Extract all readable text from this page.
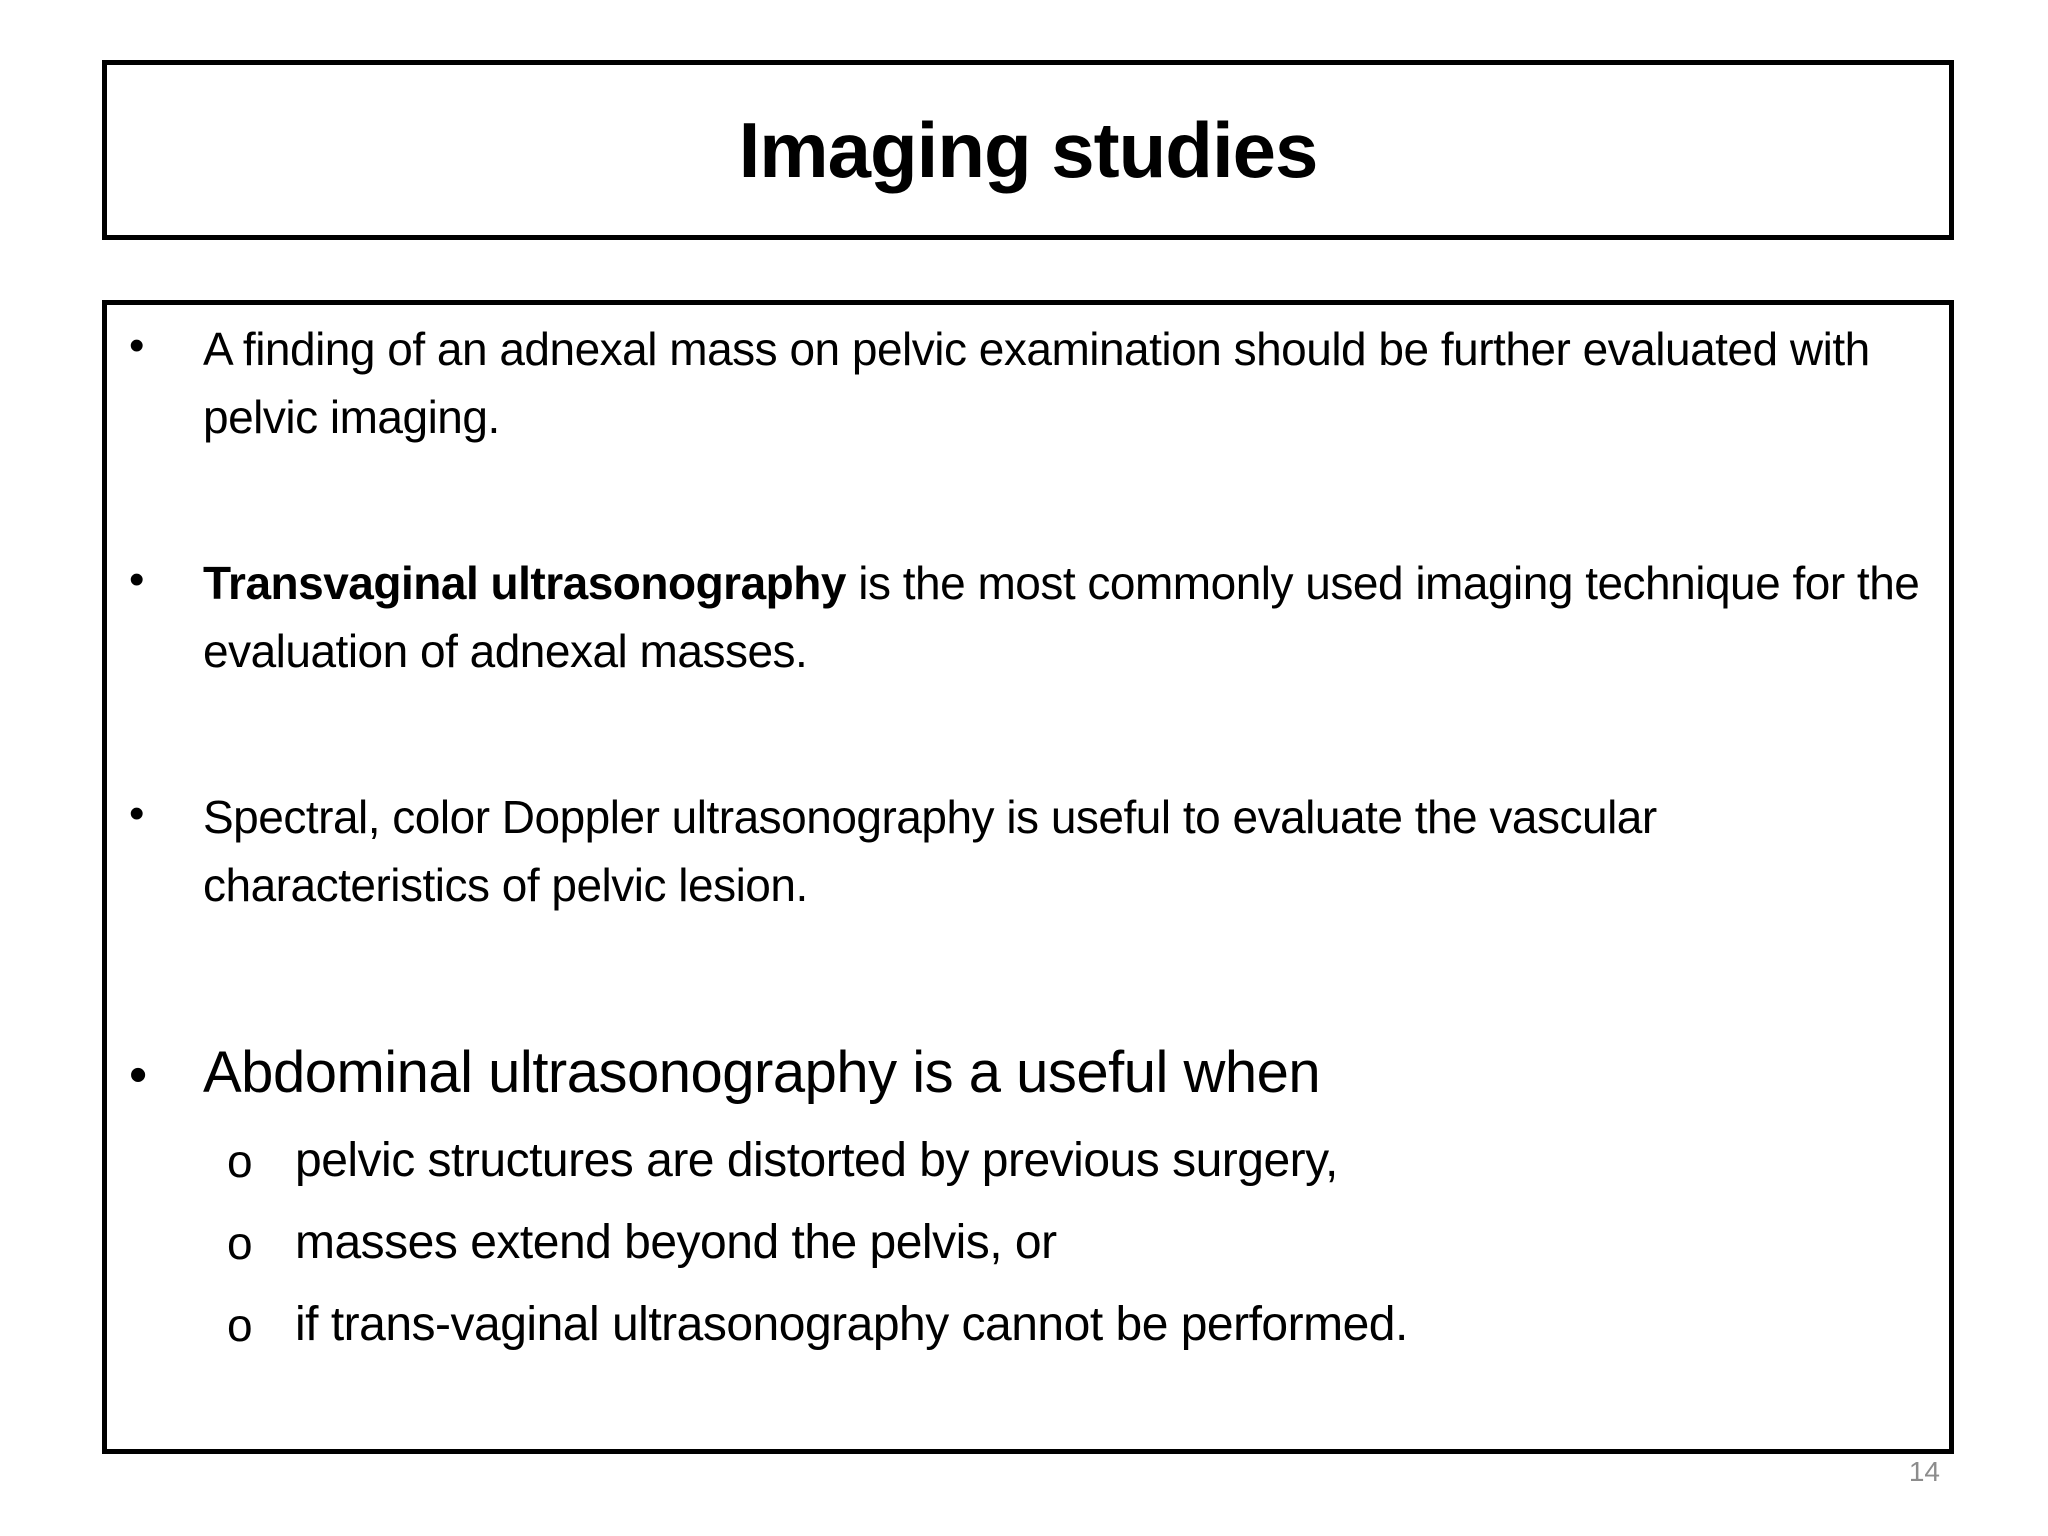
Imaging studies
• A finding of an adnexal mass on pelvic examination should be further evaluated with pelvic imaging.
• Transvaginal ultrasonography is the most commonly used imaging technique for the evaluation of adnexal masses.
• Spectral, color Doppler ultrasonography is useful to evaluate the vascular characteristics of pelvic lesion.
• Abdominal ultrasonography is a useful when
o pelvic structures are distorted by previous surgery,
o masses extend beyond the pelvis, or
o if trans-vaginal ultrasonography cannot be performed.
14
